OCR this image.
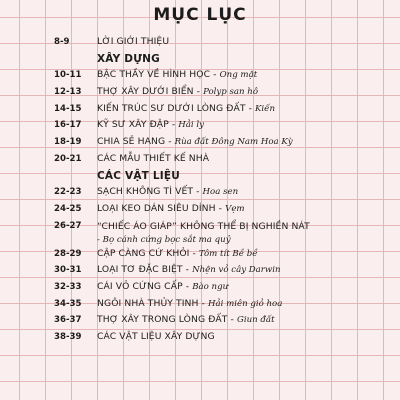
MỤC LỤC
8-9	LỜI GIỚI THIỆU
XÂY DỰNG
10-11 BẬC THẦY VỀ HÌNH HỌC - Ong mật
12-13 THỢ XÂY DƯỚI BIỂN - Polyp san hô
14-15 KIẾN TRÚC SƯ DƯỚI LÒNG ĐẤT - Kiến
16-17 KỸ SƯ XÂY ĐẬP - Hải ly
18-19 CHIA SẺ HANG - Rùa đất Đông Nam Hoa Kỳ
20-21 CÁC MẪU THIẾT KẾ NHÀ
CÁC VẬT LIỆU
22-23 SẠCH KHÔNG TÌ VẾT - Hoa sen
24-25 LOẠI KEO DÁN SIÊU DÍNH - Vẹm
26-27 “CHIẾC ÁO GIÁP” KHÔNG THỂ BỊ NGHIỀN NÁT
- Bọ cánh cứng bọc sắt ma quỷ
28-29 CẬP CÀNG CỨ KHỎI - Tôm tít Bề bề
30-31 LOẠI TƠ ĐẶC BIỆT - Nhện vỏ cây Darwin
32-33 CÁI VỎ CỨNG CẤP - Bào ngư
34-35 NGÔI NHÀ THỦY TINH - Hải miên giỏ hoa
36-37 THỢ XÂY TRONG LÒNG ĐẤT - Giun đất
38-39 CÁC VẬT LIỆU XÂY DỰNG
